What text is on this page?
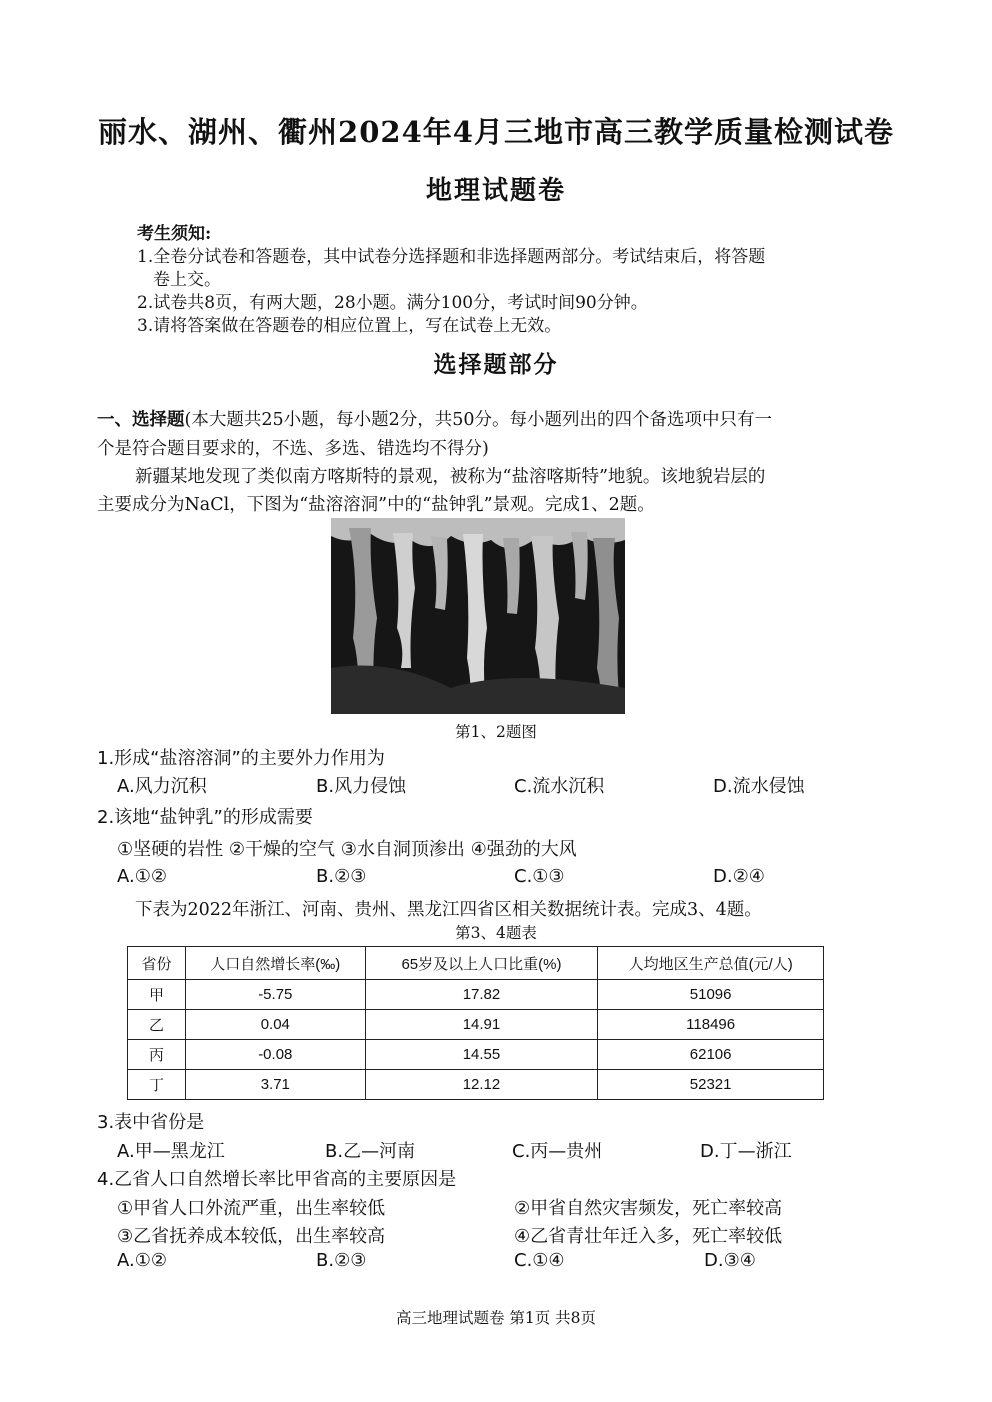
丽水、湖州、衢州2024年4月三地市高三教学质量检测试卷
地理试题卷
考生须知:
1.全卷分试卷和答题卷，其中试卷分选择题和非选择题两部分。考试结束后，将答题
卷上交。
2.试卷共8页，有两大题，28小题。满分100分，考试时间90分钟。
3.请将答案做在答题卷的相应位置上，写在试卷上无效。
选择题部分
一、选择题(本大题共25小题，每小题2分，共50分。每小题列出的四个备选项中只有一
个是符合题目要求的，不选、多选、错选均不得分)
新疆某地发现了类似南方喀斯特的景观，被称为“盐溶喀斯特”地貌。该地貌岩层的
主要成分为NaCl，下图为“盐溶溶洞”中的“盐钟乳”景观。完成1、2题。
第1、2题图
1.形成“盐溶溶洞”的主要外力作用为
A.风力沉积	B.风力侵蚀	C.流水沉积	D.流水侵蚀
2.该地“盐钟乳”的形成需要
①坚硬的岩性 ②干燥的空气 ③水自洞顶渗出 ④强劲的大风
A.①②	B.②③	C.①③	D.②④
下表为2022年浙江、河南、贵州、黑龙江四省区相关数据统计表。完成3、4题。
第3、4题表
省份	人口自然增长率(‰)	65岁及以上人口比重(%)	人均地区生产总值(元/人)
甲	-5.75	17.82	51096
乙	0.04	14.91	118496
丙	-0.08	14.55	62106
丁	3.71	12.12	52321
3.表中省份是
A.甲—黑龙江	B.乙—河南	C.丙—贵州	D.丁—浙江
4.乙省人口自然增长率比甲省高的主要原因是
①甲省人口外流严重，出生率较低	②甲省自然灾害频发，死亡率较高
③乙省抚养成本较低，出生率较高	④乙省青壮年迁入多，死亡率较低
A.①②	B.②③	C.①④	D.③④
高三地理试题卷 第1页 共8页
